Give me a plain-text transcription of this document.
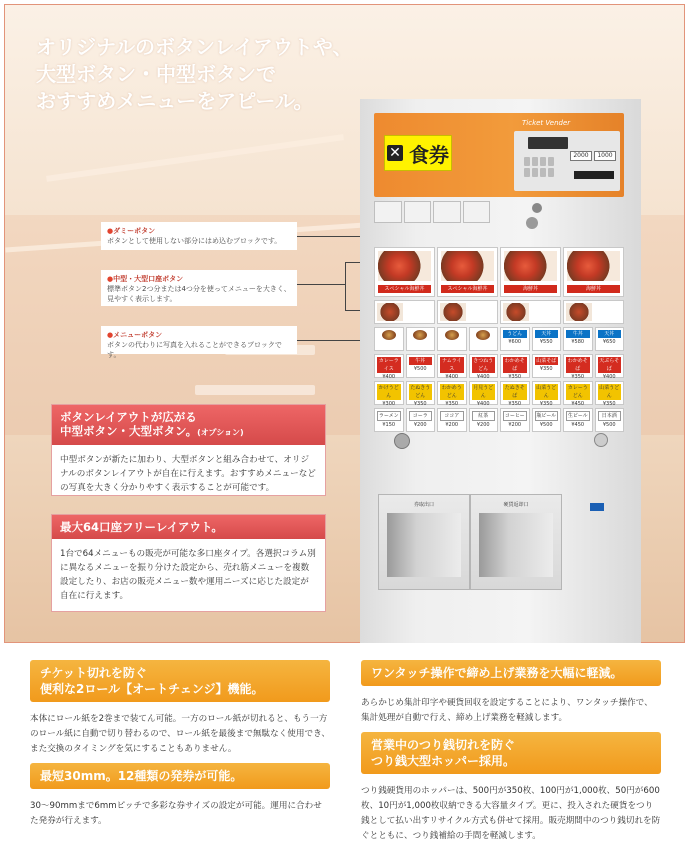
オリジナルのボタンレイアウトや、
大型ボタン・中型ボタンで
おすすめメニューをアピール。
●ダミーボタン
ボタンとして使用しない部分にはめ込むブロックです。
●中型・大型口座ボタン
標準ボタン2つ分または4つ分を使ってメニューを大きく、見やすく表示します。
●メニューボタン
ボタンの代わりに写真を入れることができるブロックです。
ボタンレイアウトが広がる
中型ボタン・大型ボタン。(オプション)
中型ボタンが新たに加わり、大型ボタンと組み合わせて、オリジナルのボタンレイアウトが自在に行えます。おすすめメニューなどの写真を大きく分かりやすく表示することが可能です。
最大64口座フリーレイアウト。
1台で64メニューもの販売が可能な多口座タイプ。各選択コラム別に異なるメニューを振り分けた設定から、売れ筋メニューを複数設定したり、お店の販売メニュー数や運用ニーズに応じた設定が自在に行えます。
✕ 食券
Ticket Vender
2000	1000
スペシャル海鮮丼	スペシャル海鮮丼	海鮮丼	海鮮丼
うどん
¥600
天丼
¥550
牛丼
¥580
天丼
¥650
カレーライス
¥400
牛丼
¥500
ナムライス
¥400
きつねうどん
¥400
わかめそば
¥350
山菜そば
¥350
わかめそば
¥350
天ぷらそば
¥400
かけうどん
¥300
たぬきうどん
¥350
わかめうどん
¥350
月見うどん
¥400
たぬきそば
¥350
山菜うどん
¥350
カレーうどん
¥450
山菜うどん
¥350
ラーメン
¥150
コーラ
¥200
ココア
¥200
紅茶
¥200
コーヒー
¥200
瓶ビール
¥500
生ビール
¥450
日本酒
¥500
券取出口	硬貨返却口
チケット切れを防ぐ
便利な2ロール【オートチェンジ】機能。
本体にロール紙を2巻まで装てん可能。一方のロール紙が切れると、もう一方のロール紙に自動で切り替わるので、ロール紙を最後まで無駄なく使用でき、また交換のタイミングを気にすることもありません。
最短30mm。12種類の発券が可能。
30～90mmまで6mmピッチで多彩な券サイズの設定が可能。運用に合わせた発券が行えます。
ワンタッチ操作で締め上げ業務を大幅に軽減。
あらかじめ集計印字や硬貨回収を設定することにより、ワンタッチ操作で、集計処理が自動で行え、締め上げ業務を軽減します。
営業中のつり銭切れを防ぐ
つり銭大型ホッパー採用。
つり銭硬貨用のホッパーは、500円が350枚、100円が1,000枚、50円が600枚、10円が1,000枚収納できる大容量タイプ。更に、投入された硬貨をつり銭として払い出すリサイクル方式も併せて採用。販売期間中のつり銭切れを防ぐとともに、つり銭補給の手間を軽減します。
